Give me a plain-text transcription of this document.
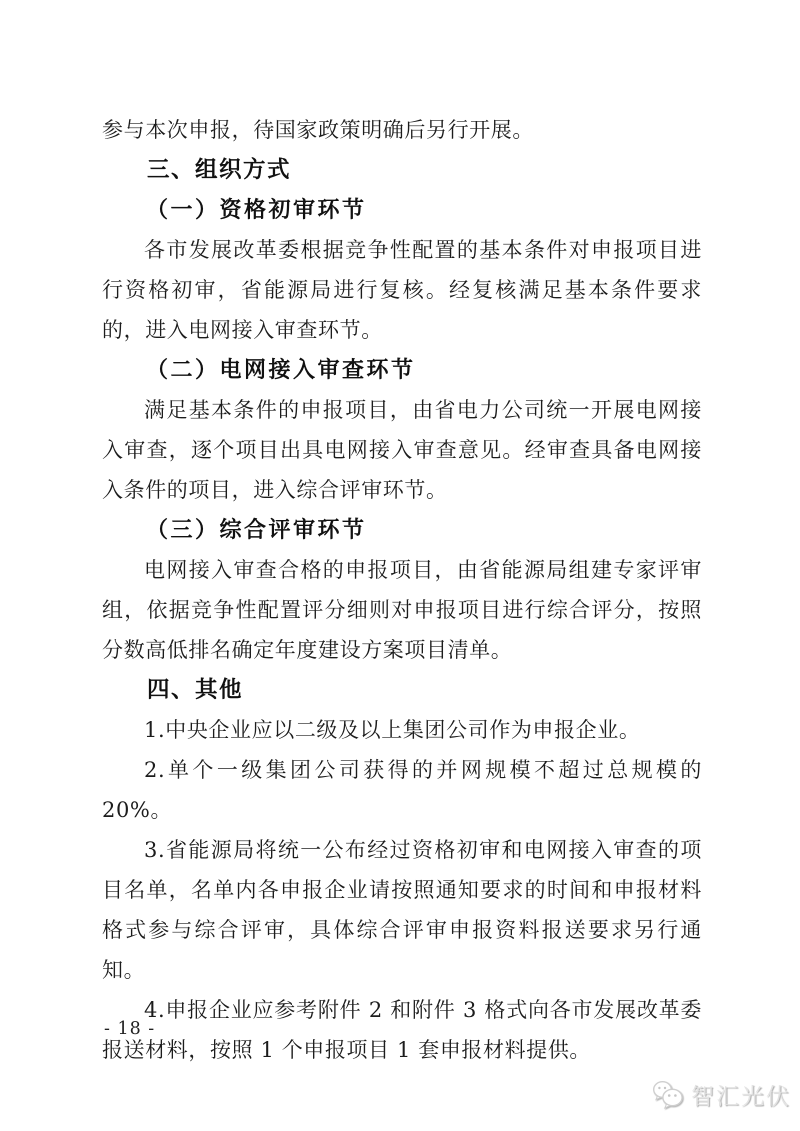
参与本次申报，待国家政策明确后另行开展。

三、组织方式

（一）资格初审环节

各市发展改革委根据竞争性配置的基本条件对申报项目进行资格初审，省能源局进行复核。经复核满足基本条件要求的，进入电网接入审查环节。

（二）电网接入审查环节

满足基本条件的申报项目，由省电力公司统一开展电网接入审查，逐个项目出具电网接入审查意见。经审查具备电网接入条件的项目，进入综合评审环节。

（三）综合评审环节

电网接入审查合格的申报项目，由省能源局组建专家评审组，依据竞争性配置评分细则对申报项目进行综合评分，按照分数高低排名确定年度建设方案项目清单。

四、其他

1.中央企业应以二级及以上集团公司作为申报企业。

2.单个一级集团公司获得的并网规模不超过总规模的 20%。

3.省能源局将统一公布经过资格初审和电网接入审查的项目名单，名单内各申报企业请按照通知要求的时间和申报材料格式参与综合评审，具体综合评审申报资料报送要求另行通知。

4.申报企业应参考附件 2 和附件 3 格式向各市发展改革委报送材料，按照 1 个申报项目 1 套申报材料提供。

- 18 -
智汇光伏
